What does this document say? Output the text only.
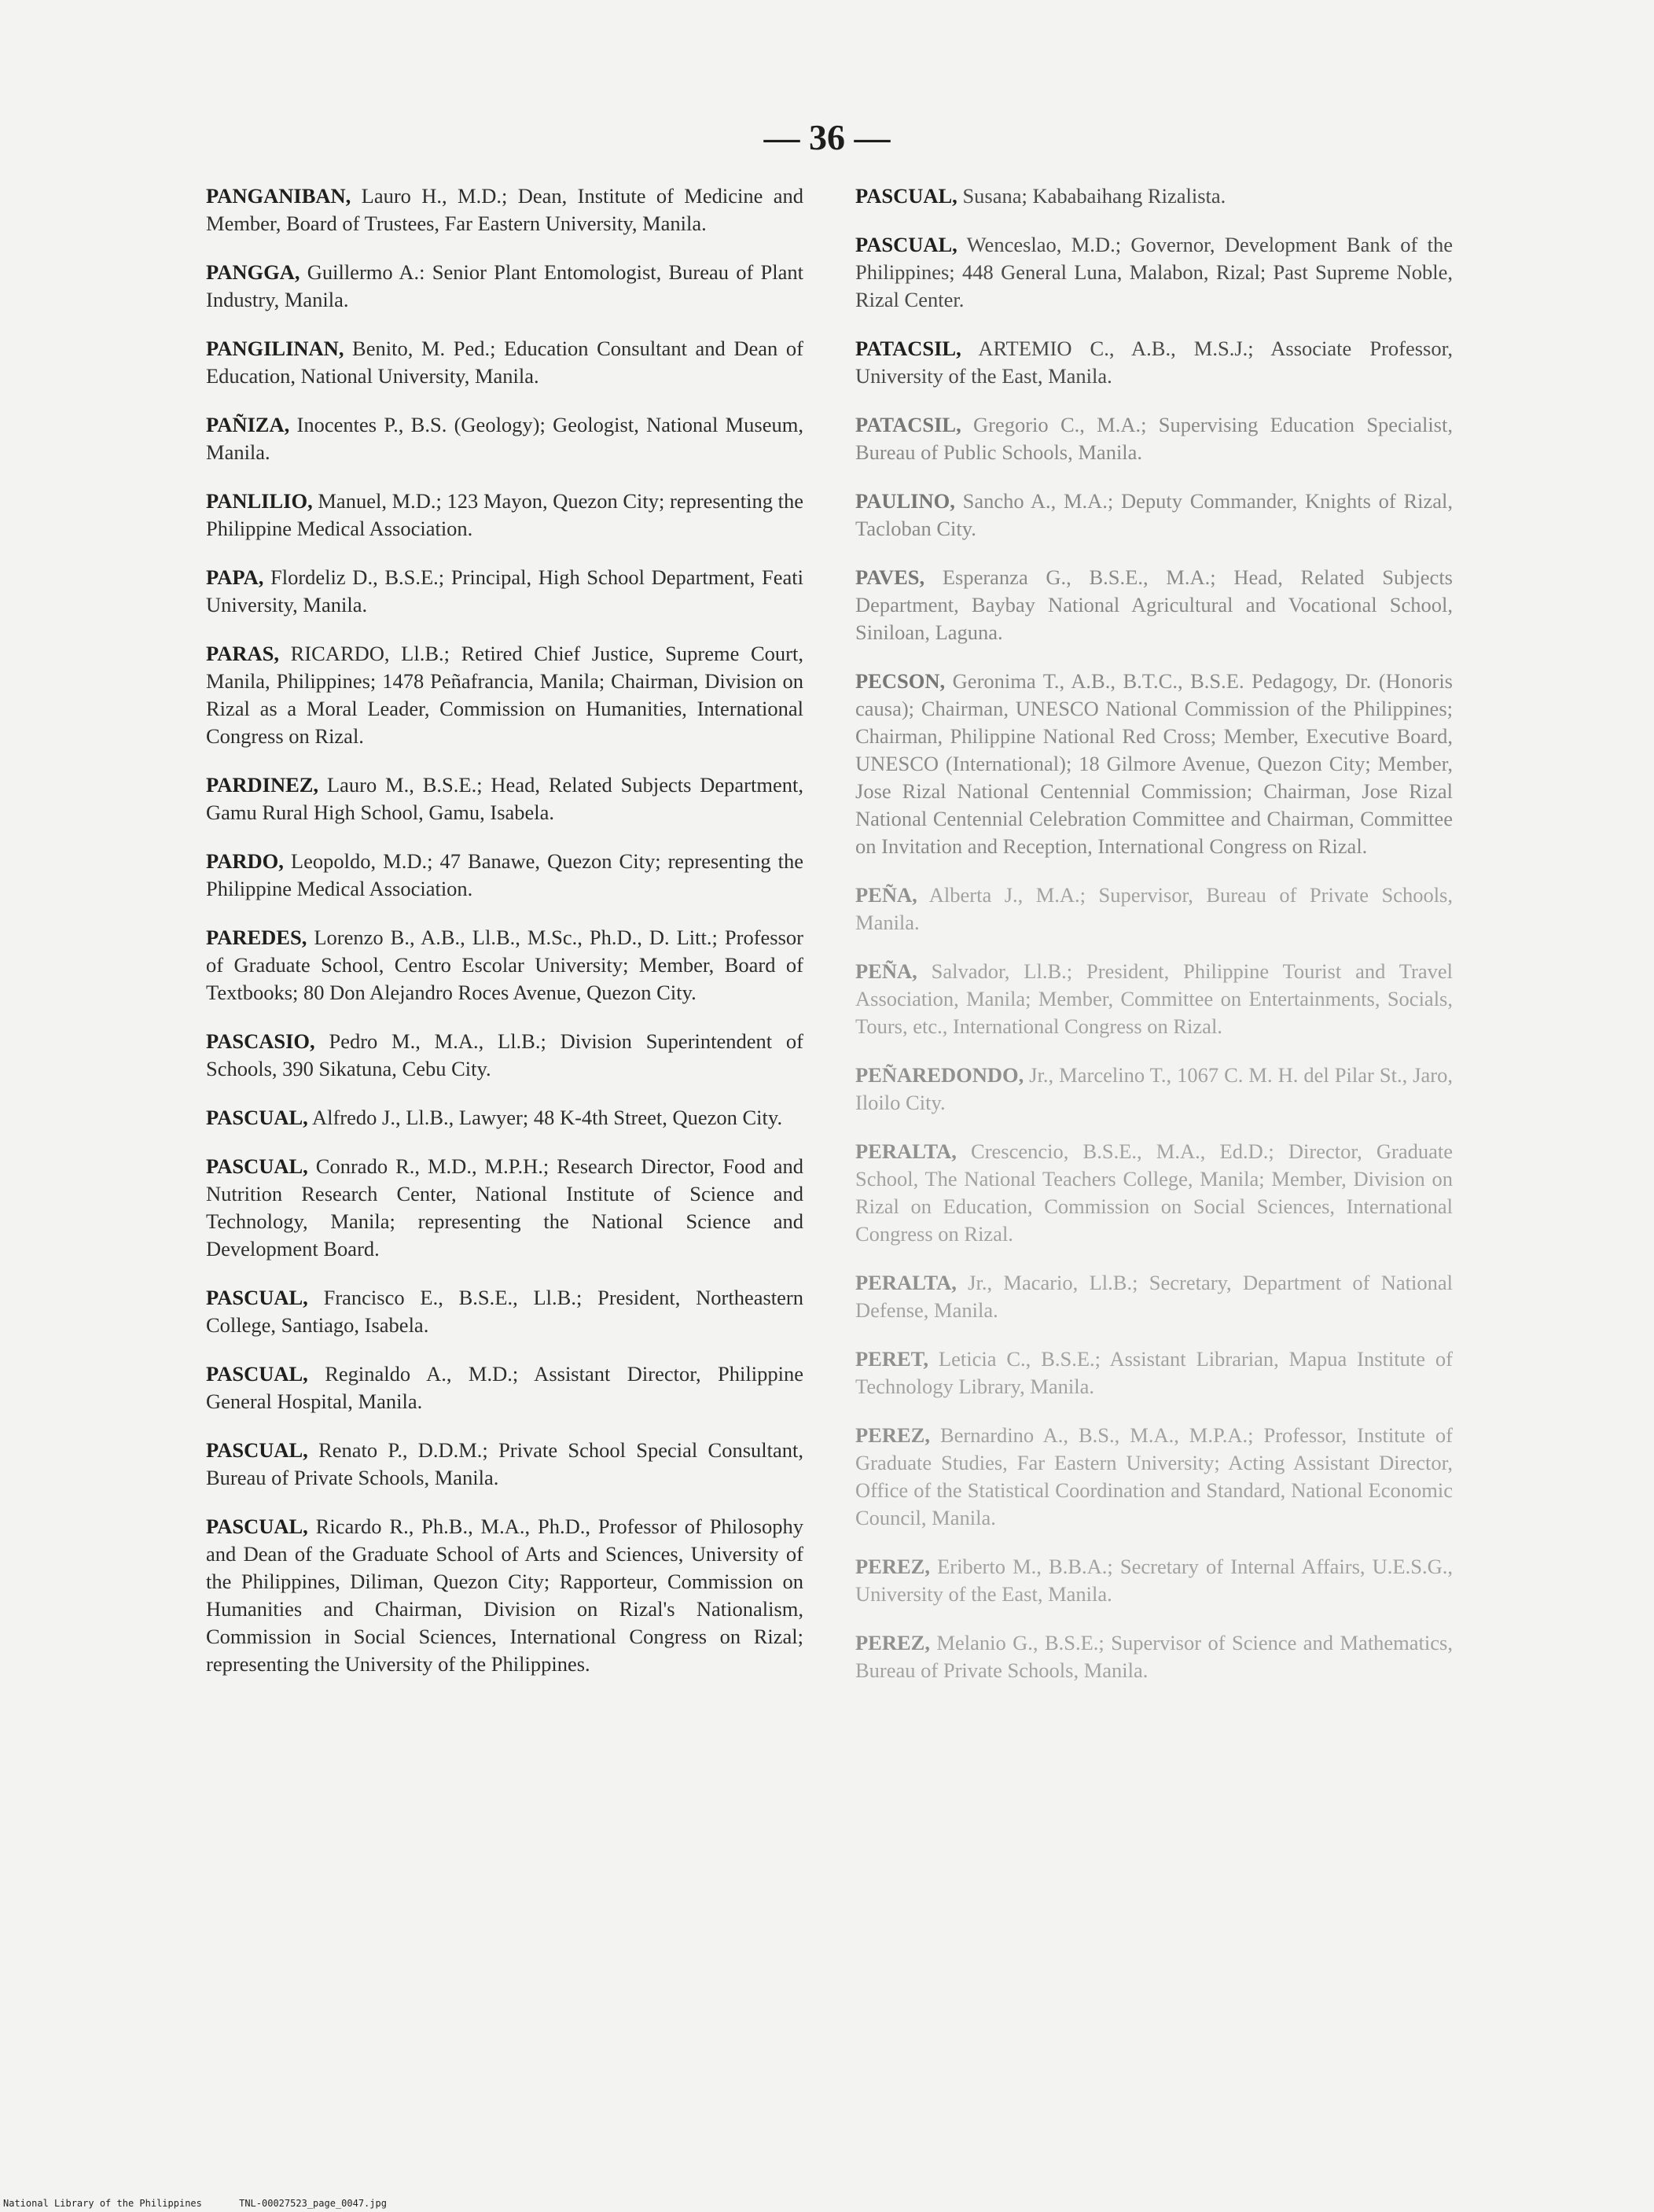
— 36 —

PANGANIBAN, Lauro H., M.D.; Dean, Institute of Medicine and Member, Board of Trustees, Far Eastern University, Manila.

PANGGA, Guillermo A.: Senior Plant Entomologist, Bureau of Plant Industry, Manila.

PANGILINAN, Benito, M. Ped.; Education Consultant and Dean of Education, National University, Manila.

PAÑIZA, Inocentes P., B.S. (Geology); Geologist, National Museum, Manila.

PANLILIO, Manuel, M.D.; 123 Mayon, Quezon City; representing the Philippine Medical Association.

PAPA, Flordeliz D., B.S.E.; Principal, High School Department, Feati University, Manila.

PARAS, RICARDO, Ll.B.; Retired Chief Justice, Supreme Court, Manila, Philippines; 1478 Peñafrancia, Manila; Chairman, Division on Rizal as a Moral Leader, Commission on Humanities, International Congress on Rizal.

PARDINEZ, Lauro M., B.S.E.; Head, Related Subjects Department, Gamu Rural High School, Gamu, Isabela.

PARDO, Leopoldo, M.D.; 47 Banawe, Quezon City; representing the Philippine Medical Association.

PAREDES, Lorenzo B., A.B., Ll.B., M.Sc., Ph.D., D. Litt.; Professor of Graduate School, Centro Escolar University; Member, Board of Textbooks; 80 Don Alejandro Roces Avenue, Quezon City.

PASCASIO, Pedro M., M.A., Ll.B.; Division Superintendent of Schools, 390 Sikatuna, Cebu City.

PASCUAL, Alfredo J., Ll.B., Lawyer; 48 K-4th Street, Quezon City.

PASCUAL, Conrado R., M.D., M.P.H.; Research Director, Food and Nutrition Research Center, National Institute of Science and Technology, Manila; representing the National Science and Development Board.

PASCUAL, Francisco E., B.S.E., Ll.B.; President, Northeastern College, Santiago, Isabela.

PASCUAL, Reginaldo A., M.D.; Assistant Director, Philippine General Hospital, Manila.

PASCUAL, Renato P., D.D.M.; Private School Special Consultant, Bureau of Private Schools, Manila.

PASCUAL, Ricardo R., Ph.B., M.A., Ph.D., Professor of Philosophy and Dean of the Graduate School of Arts and Sciences, University of the Philippines, Diliman, Quezon City; Rapporteur, Commission on Humanities and Chairman, Division on Rizal's Nationalism, Commission in Social Sciences, International Congress on Rizal; representing the University of the Philippines.

PASCUAL, Susana; Kababaihang Rizalista.

PASCUAL, Wenceslao, M.D.; Governor, Development Bank of the Philippines; 448 General Luna, Malabon, Rizal; Past Supreme Noble, Rizal Center.

PATACSIL, ARTEMIO C., A.B., M.S.J.; Associate Professor, University of the East, Manila.

PATACSIL, Gregorio C., M.A.; Supervising Education Specialist, Bureau of Public Schools, Manila.

PAULINO, Sancho A., M.A.; Deputy Commander, Knights of Rizal, Tacloban City.

PAVES, Esperanza G., B.S.E., M.A.; Head, Related Subjects Department, Baybay National Agricultural and Vocational School, Siniloan, Laguna.

PECSON, Geronima T., A.B., B.T.C., B.S.E. Pedagogy, Dr. (Honoris causa); Chairman, UNESCO National Commission of the Philippines; Chairman, Philippine National Red Cross; Member, Executive Board, UNESCO (International); 18 Gilmore Avenue, Quezon City; Member, Jose Rizal National Centennial Commission; Chairman, Jose Rizal National Centennial Celebration Committee and Chairman, Committee on Invitation and Reception, International Congress on Rizal.

PEÑA, Alberta J., M.A.; Supervisor, Bureau of Private Schools, Manila.

PEÑA, Salvador, Ll.B.; President, Philippine Tourist and Travel Association, Manila; Member, Committee on Entertainments, Socials, Tours, etc., International Congress on Rizal.

PEÑAREDONDO, Jr., Marcelino T., 1067 C. M. H. del Pilar St., Jaro, Iloilo City.

PERALTA, Crescencio, B.S.E., M.A., Ed.D.; Director, Graduate School, The National Teachers College, Manila; Member, Division on Rizal on Education, Commission on Social Sciences, International Congress on Rizal.

PERALTA, Jr., Macario, Ll.B.; Secretary, Department of National Defense, Manila.

PERET, Leticia C., B.S.E.; Assistant Librarian, Mapua Institute of Technology Library, Manila.

PEREZ, Bernardino A., B.S., M.A., M.P.A.; Professor, Institute of Graduate Studies, Far Eastern University; Acting Assistant Director, Office of the Statistical Coordination and Standard, National Economic Council, Manila.

PEREZ, Eriberto M., B.B.A.; Secretary of Internal Affairs, U.E.S.G., University of the East, Manila.

PEREZ, Melanio G., B.S.E.; Supervisor of Science and Mathematics, Bureau of Private Schools, Manila.

National Library of the Philippines	TNL-00027523_page_0047.jpg
